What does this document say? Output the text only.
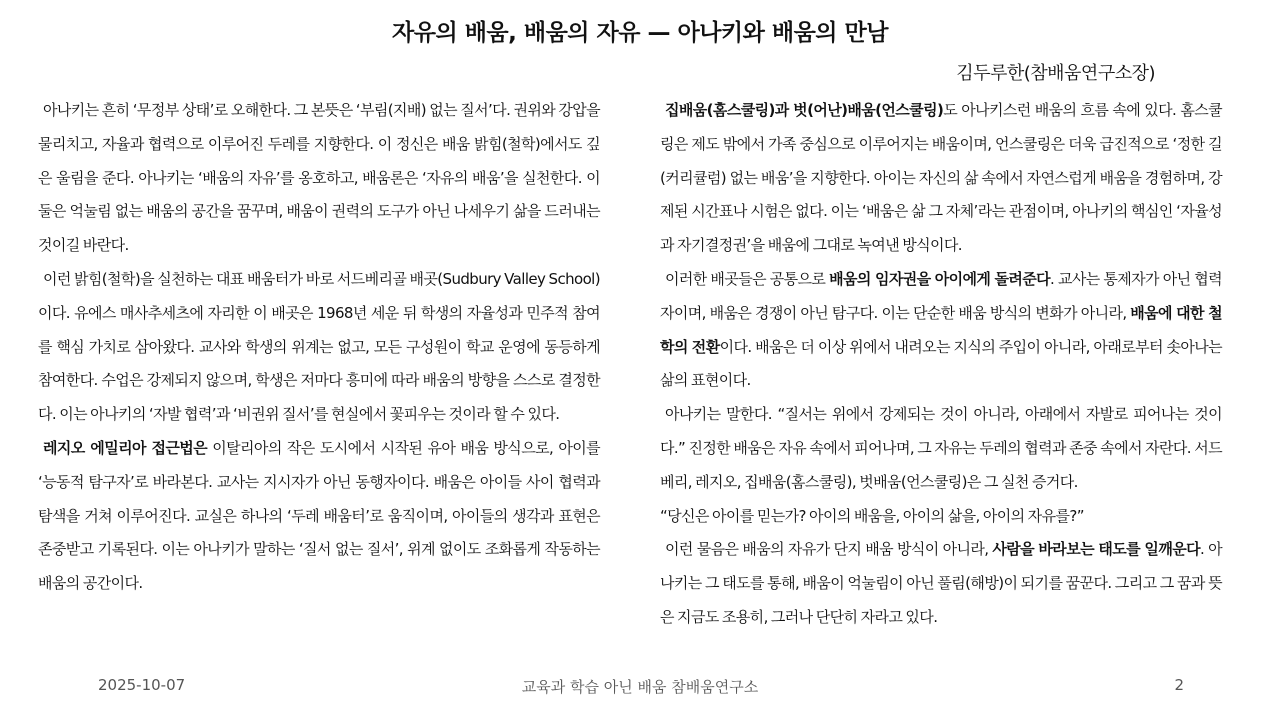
자유의 배움, 배움의 자유 — 아나키와 배움의 만남
김두루한(참배움연구소장)

아나키는 흔히 ‘무정부 상태’로 오해한다. 그 본뜻은 ‘부림(지배) 없는 질서’다. 권위와 강압을 물리치고, 자율과 협력으로 이루어진 두레를 지향한다. 이 정신은 배움 밝힘(철학)에서도 깊은 울림을 준다. 아나키는 ‘배움의 자유’를 옹호하고, 배움론은 ‘자유의 배움’을 실천한다. 이 둘은 억눌림 없는 배움의 공간을 꿈꾸며, 배움이 권력의 도구가 아닌 나세우기 삶을 드러내는 것이길 바란다.

이런 밝힘(철학)을 실천하는 대표 배움터가 바로 서드베리골 배곳(Sudbury Valley School)이다. 유에스 매사추세츠에 자리한 이 배곳은 1968년 세운 뒤 학생의 자율성과 민주적 참여를 핵심 가치로 삼아왔다. 교사와 학생의 위계는 없고, 모든 구성원이 학교 운영에 동등하게 참여한다. 수업은 강제되지 않으며, 학생은 저마다 흥미에 따라 배움의 방향을 스스로 결정한다. 이는 아나키의 ‘자발 협력’과 ‘비권위 질서’를 현실에서 꽃피우는 것이라 할 수 있다.

레지오 에밀리아 접근법은 이탈리아의 작은 도시에서 시작된 유아 배움 방식으로, 아이를 ‘능동적 탐구자’로 바라본다. 교사는 지시자가 아닌 동행자이다. 배움은 아이들 사이 협력과 탐색을 거쳐 이루어진다. 교실은 하나의 ‘두레 배움터’로 움직이며, 아이들의 생각과 표현은 존중받고 기록된다. 이는 아나키가 말하는 ‘질서 없는 질서’, 위계 없이도 조화롭게 작동하는 배움의 공간이다.

집배움(홈스쿨링)과 벗(어난)배움(언스쿨링)도 아나키스런 배움의 흐름 속에 있다. 홈스쿨링은 제도 밖에서 가족 중심으로 이루어지는 배움이며, 언스쿨링은 더욱 급진적으로 ‘정한 길(커리큘럼) 없는 배움’을 지향한다. 아이는 자신의 삶 속에서 자연스럽게 배움을 경험하며, 강제된 시간표나 시험은 없다. 이는 ‘배움은 삶 그 자체’라는 관점이며, 아나키의 핵심인 ‘자율성과 자기결정권’을 배움에 그대로 녹여낸 방식이다.

이러한 배곳들은 공통으로 배움의 임자권을 아이에게 돌려준다. 교사는 통제자가 아닌 협력자이며, 배움은 경쟁이 아닌 탐구다. 이는 단순한 배움 방식의 변화가 아니라, 배움에 대한 철학의 전환이다. 배움은 더 이상 위에서 내려오는 지식의 주입이 아니라, 아래로부터 솟아나는 삶의 표현이다.

아나키는 말한다. “질서는 위에서 강제되는 것이 아니라, 아래에서 자발로 피어나는 것이다.” 진정한 배움은 자유 속에서 피어나며, 그 자유는 두레의 협력과 존중 속에서 자란다. 서드베리, 레지오, 집배움(홈스쿨링), 벗배움(언스쿨링)은 그 실천 증거다.

“당신은 아이를 믿는가? 아이의 배움을, 아이의 삶을, 아이의 자유를?”

이런 물음은 배움의 자유가 단지 배움 방식이 아니라, 사람을 바라보는 태도를 일깨운다. 아나키는 그 태도를 통해, 배움이 억눌림이 아닌 풀림(해방)이 되기를 꿈꾼다. 그리고 그 꿈과 뜻은 지금도 조용히, 그러나 단단히 자라고 있다.

2025-10-07	교육과 학습 아닌 배움 참배움연구소	2
